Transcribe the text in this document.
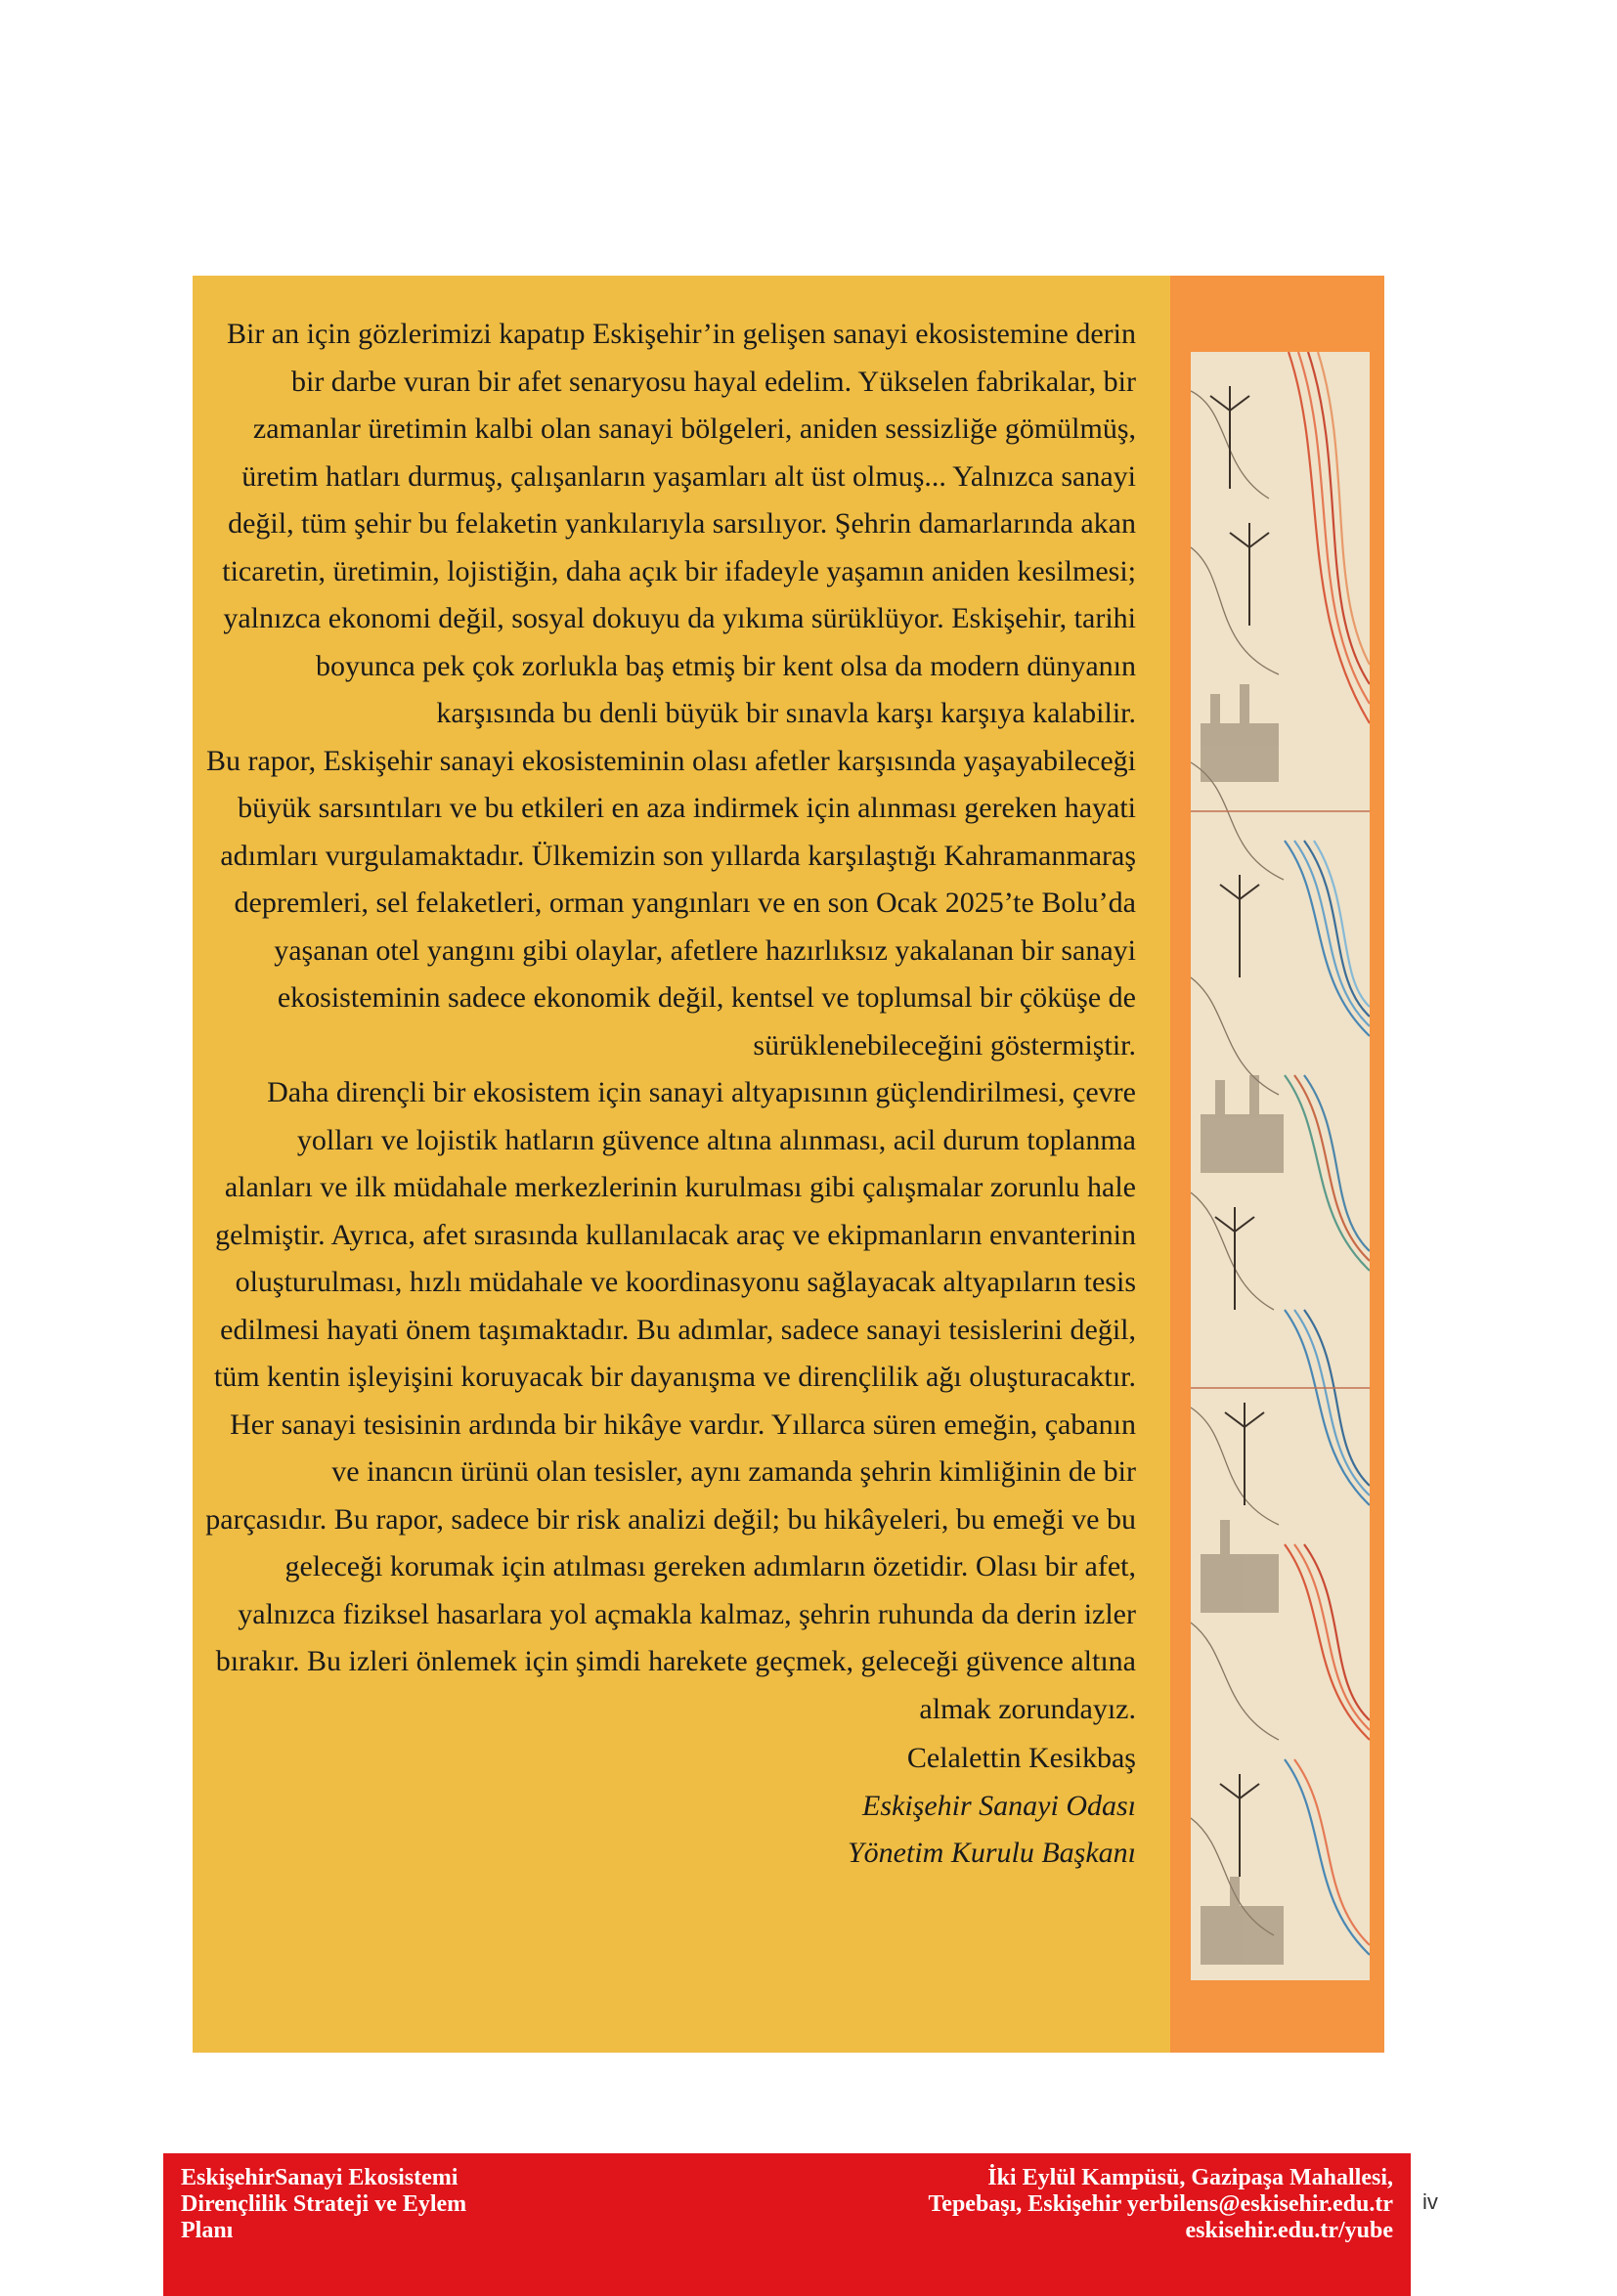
Bir an için gözlerimizi kapatıp Eskişehir’in gelişen sanayi ekosistemine derin bir darbe vuran bir afet senaryosu hayal edelim. Yükselen fabrikalar, bir zamanlar üretimin kalbi olan sanayi bölgeleri, aniden sessizliğe gömülmüş, üretim hatları durmuş, çalışanların yaşamları alt üst olmuş... Yalnızca sanayi değil, tüm şehir bu felaketin yankılarıyla sarsılıyor. Şehrin damarlarında akan ticaretin, üretimin, lojistiğin, daha açık bir ifadeyle yaşamın aniden kesilmesi; yalnızca ekonomi değil, sosyal dokuyu da yıkıma sürüklüyor. Eskişehir, tarihi boyunca pek çok zorlukla baş etmiş bir kent olsa da modern dünyanın karşısında bu denli büyük bir sınavla karşı karşıya kalabilir.

Bu rapor, Eskişehir sanayi ekosisteminin olası afetler karşısında yaşayabileceği büyük sarsıntıları ve bu etkileri en aza indirmek için alınması gereken hayati adımları vurgulamaktadır. Ülkemizin son yıllarda karşılaştığı Kahramanmaraş depremleri, sel felaketleri, orman yangınları ve en son Ocak 2025’te Bolu’da yaşanan otel yangını gibi olaylar, afetlere hazırlıksız yakalanan bir sanayi ekosisteminin sadece ekonomik değil, kentsel ve toplumsal bir çöküşe de sürüklenebileceğini göstermiştir.

Daha dirençli bir ekosistem için sanayi altyapısının güçlendirilmesi, çevre yolları ve lojistik hatların güvence altına alınması, acil durum toplanma alanları ve ilk müdahale merkezlerinin kurulması gibi çalışmalar zorunlu hale gelmiştir. Ayrıca, afet sırasında kullanılacak araç ve ekipmanların envanterinin oluşturulması, hızlı müdahale ve koordinasyonu sağlayacak altyapıların tesis edilmesi hayati önem taşımaktadır. Bu adımlar, sadece sanayi tesislerini değil, tüm kentin işleyişini koruyacak bir dayanışma ve dirençlilik ağı oluşturacaktır.

Her sanayi tesisinin ardında bir hikâye vardır. Yıllarca süren emeğin, çabanın ve inancın ürünü olan tesisler, aynı zamanda şehrin kimliğinin de bir parçasıdır. Bu rapor, sadece bir risk analizi değil; bu hikâyeleri, bu emeği ve bu geleceği korumak için atılması gereken adımların özetidir. Olası bir afet, yalnızca fiziksel hasarlara yol açmakla kalmaz, şehrin ruhunda da derin izler bırakır. Bu izleri önlemek için şimdi harekete geçmek, geleceği güvence altına almak zorundayız.

Celalettin Kesikbaş
Eskişehir Sanayi Odası
Yönetim Kurulu Başkanı
EskişehirSanayi Ekosistemi
Dirençlilik Strateji ve Eylem
Planı
İki Eylül Kampüsü, Gazipaşa Mahallesi,
Tepebaşı, Eskişehir yerbilens@eskisehir.edu.tr
eskisehir.edu.tr/yube
iv
